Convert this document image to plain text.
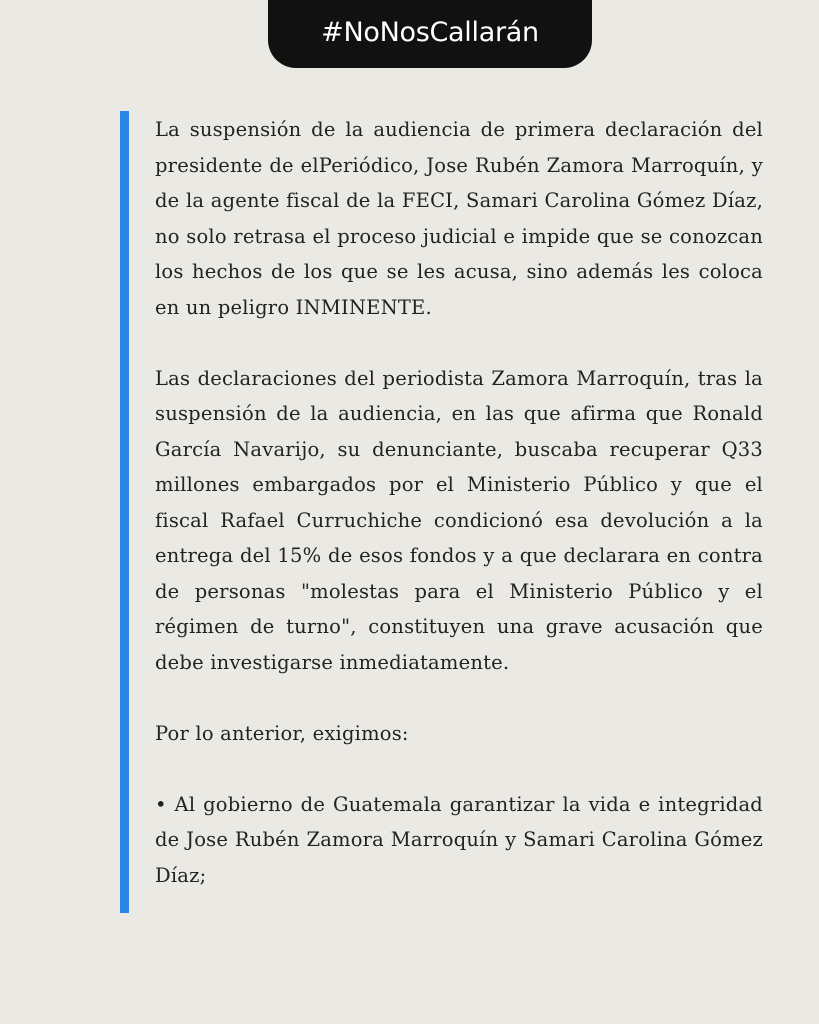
#NoNosCallarán

La suspensión de la audiencia de primera declaración del presidente de elPeriódico, Jose Rubén Zamora Marroquín, y de la agente fiscal de la FECI, Samari Carolina Gómez Díaz, no solo retrasa el proceso judicial e impide que se conozcan los hechos de los que se les acusa, sino además les coloca en un peligro INMINENTE.

Las declaraciones del periodista Zamora Marroquín, tras la suspensión de la audiencia, en las que afirma que Ronald García Navarijo, su denunciante, buscaba recuperar Q33 millones embargados por el Ministerio Público y que el fiscal Rafael Curruchiche condicionó esa devolución a la entrega del 15% de esos fondos y a que declarara en contra de personas "molestas para el Ministerio Público y el régimen de turno", constituyen una grave acusación que debe investigarse inmediatamente.

Por lo anterior, exigimos:

• Al gobierno de Guatemala garantizar la vida e integridad de Jose Rubén Zamora Marroquín y Samari Carolina Gómez Díaz;
